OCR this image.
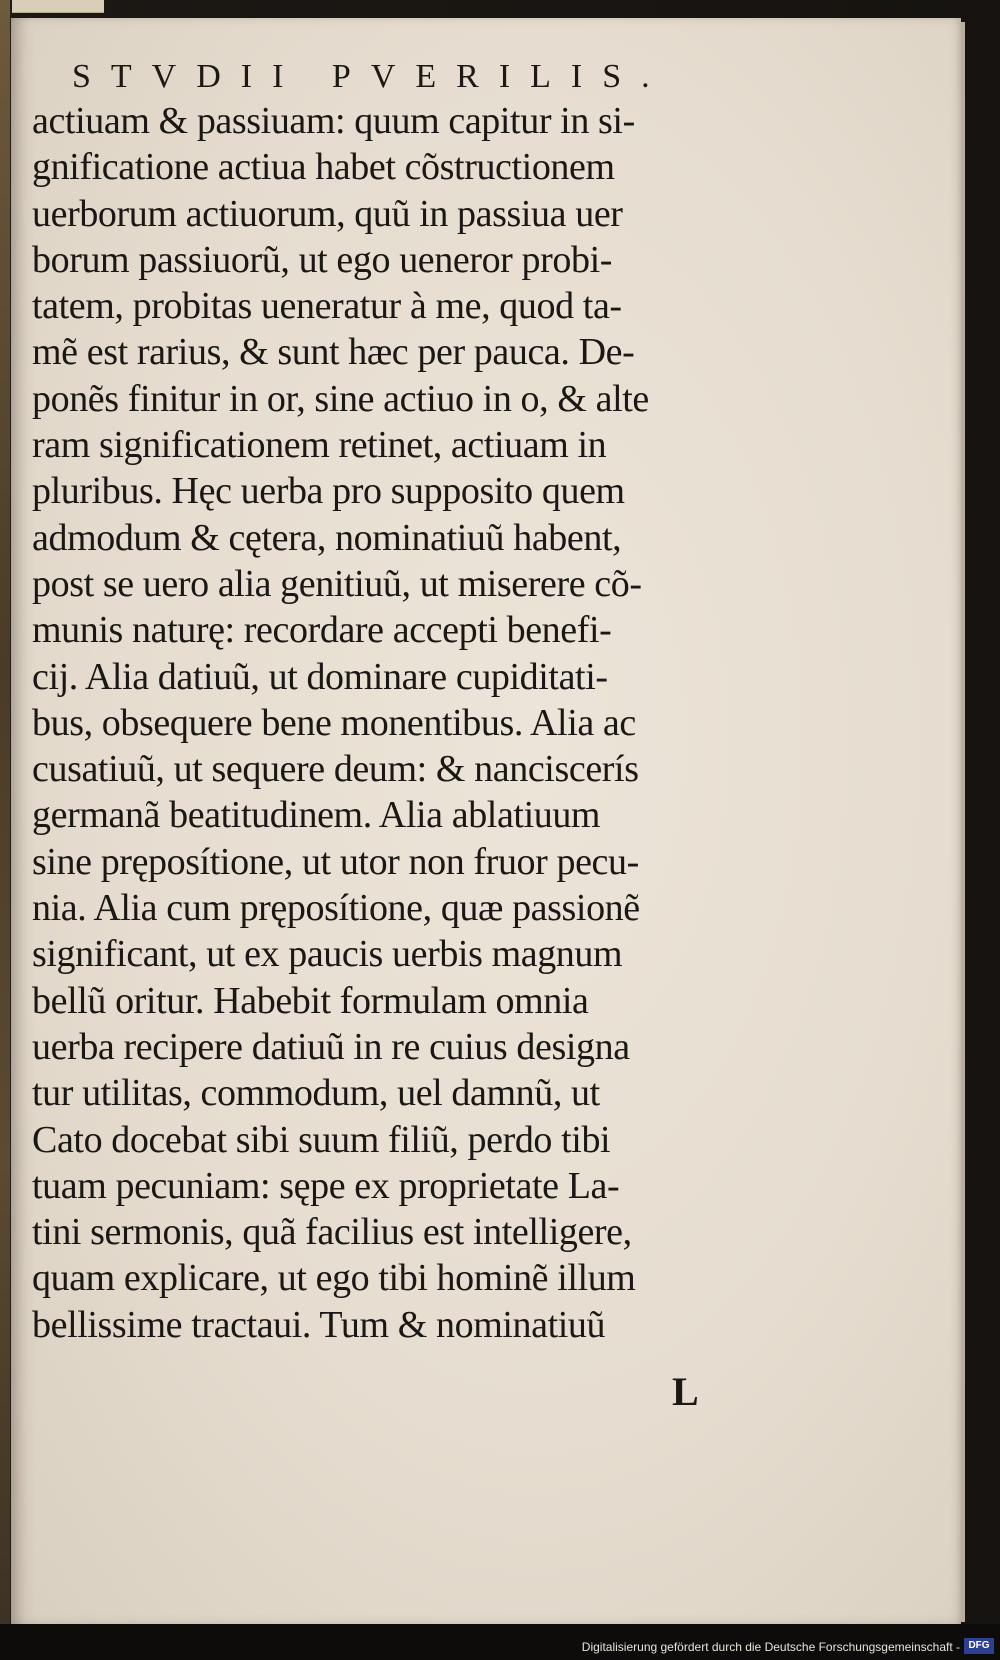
STVDII PVERILIS.
actiuam & passiuam: quum capitur in si-
gnificatione actiua habet cõstructionem
uerborum actiuorum, quũ in passiua uer
borum passiuorũ, ut ego ueneror probi-
tatem, probitas ueneratur à me, quod ta-
mẽ est rarius, & sunt hæc per pauca. De-
ponẽs finitur in or, sine actiuo in o, & alte
ram significationem retinet, actiuam in
pluribus. Hęc uerba pro supposito quem
admodum & cętera, nominatiuũ habent,
post se uero alia genitiuũ, ut miserere cõ-
munis naturę: recordare accepti benefi-
cij. Alia datiuũ, ut dominare cupiditati-
bus, obsequere bene monentibus. Alia ac
cusatiuũ, ut sequere deum: & nanciscerís
germanã beatitudinem. Alia ablatiuum
sine pręposítione, ut utor non fruor pecu-
nia. Alia cum pręposítione, quæ passionẽ
significant, ut ex paucis uerbis magnum
bellũ oritur. Habebit formulam omnia
uerba recipere datiuũ in re cuius designa
tur utilitas, commodum, uel damnũ, ut
Cato docebat sibi suum filiũ, perdo tibi
tuam pecuniam: sępe ex proprietate La-
tini sermonis, quã facilius est intelligere,
quam explicare, ut ego tibi hominẽ illum
bellissime tractaui. Tum & nominatiuũ
L
Digitalisierung gefördert durch die Deutsche Forschungsgemeinschaft - DFG
